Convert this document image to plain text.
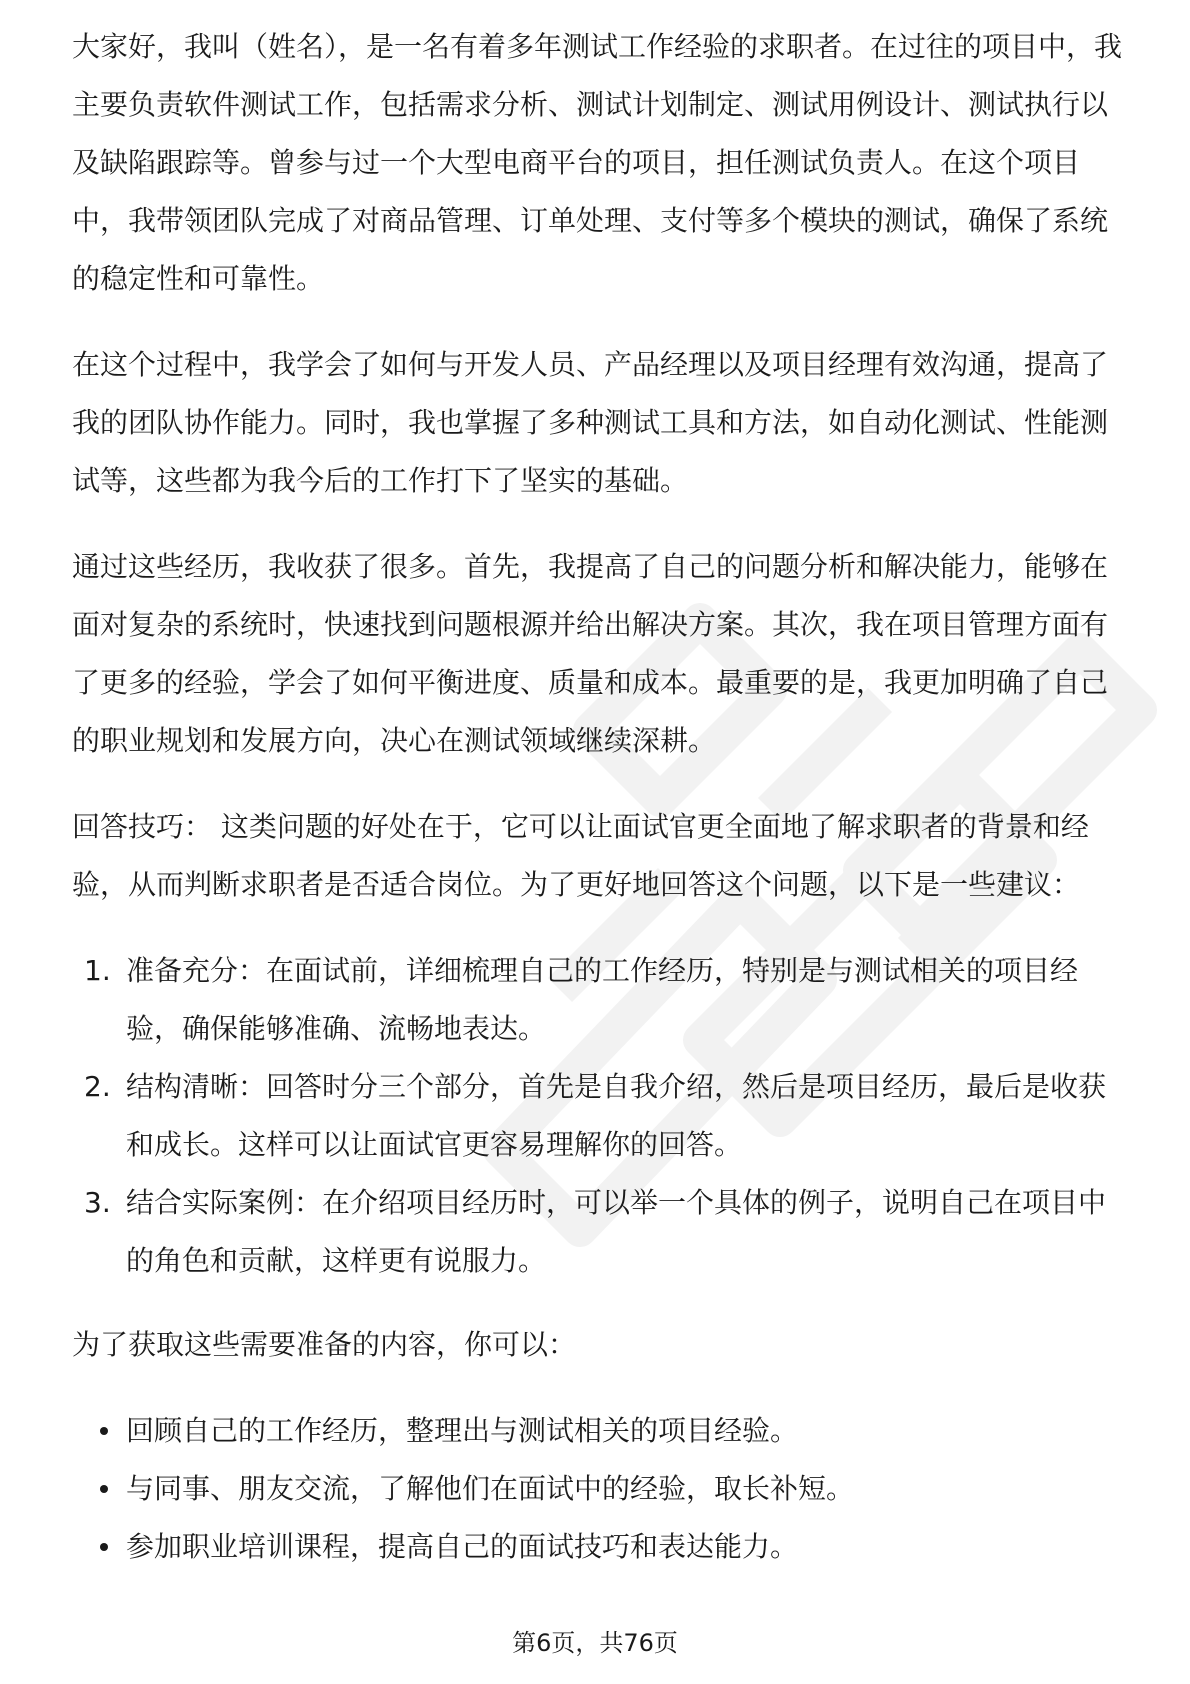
大家好，我叫（姓名），是一名有着多年测试工作经验的求职者。在过往的项目中，我主要负责软件测试工作，包括需求分析、测试计划制定、测试用例设计、测试执行以及缺陷跟踪等。曾参与过一个大型电商平台的项目，担任测试负责人。在这个项目中，我带领团队完成了对商品管理、订单处理、支付等多个模块的测试，确保了系统的稳定性和可靠性。

在这个过程中，我学会了如何与开发人员、产品经理以及项目经理有效沟通，提高了我的团队协作能力。同时，我也掌握了多种测试工具和方法，如自动化测试、性能测试等，这些都为我今后的工作打下了坚实的基础。

通过这些经历，我收获了很多。首先，我提高了自己的问题分析和解决能力，能够在面对复杂的系统时，快速找到问题根源并给出解决方案。其次，我在项目管理方面有了更多的经验，学会了如何平衡进度、质量和成本。最重要的是，我更加明确了自己的职业规划和发展方向，决心在测试领域继续深耕。

回答技巧： 这类问题的好处在于，它可以让面试官更全面地了解求职者的背景和经验，从而判断求职者是否适合岗位。为了更好地回答这个问题，以下是一些建议：

1. 准备充分：在面试前，详细梳理自己的工作经历，特别是与测试相关的项目经验，确保能够准确、流畅地表达。
2. 结构清晰：回答时分三个部分，首先是自我介绍，然后是项目经历，最后是收获和成长。这样可以让面试官更容易理解你的回答。
3. 结合实际案例：在介绍项目经历时，可以举一个具体的例子，说明自己在项目中的角色和贡献，这样更有说服力。

为了获取这些需要准备的内容，你可以：

回顾自己的工作经历，整理出与测试相关的项目经验。
与同事、朋友交流，了解他们在面试中的经验，取长补短。
参加职业培训课程，提高自己的面试技巧和表达能力。
第6页，共76页
